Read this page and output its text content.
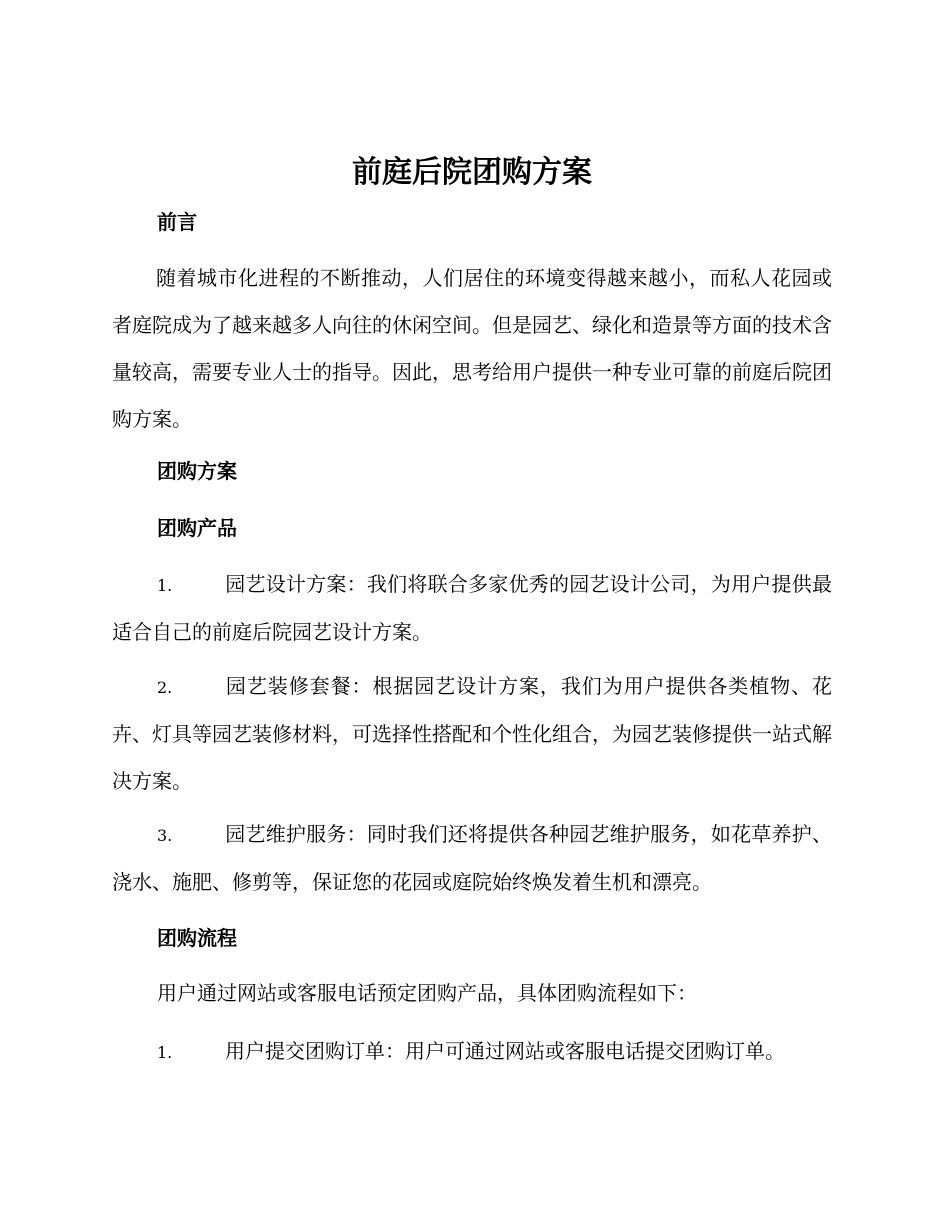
前庭后院团购方案
前言

随着城市化进程的不断推动，人们居住的环境变得越来越小，而私人花园或者庭院成为了越来越多人向往的休闲空间。但是园艺、绿化和造景等方面的技术含量较高，需要专业人士的指导。因此，思考给用户提供一种专业可靠的前庭后院团购方案。

团购方案
团购产品

1.	园艺设计方案：我们将联合多家优秀的园艺设计公司，为用户提供最适合自己的前庭后院园艺设计方案。

2.	园艺装修套餐：根据园艺设计方案，我们为用户提供各类植物、花卉、灯具等园艺装修材料，可选择性搭配和个性化组合，为园艺装修提供一站式解决方案。

3.	园艺维护服务：同时我们还将提供各种园艺维护服务，如花草养护、浇水、施肥、修剪等，保证您的花园或庭院始终焕发着生机和漂亮。

团购流程

用户通过网站或客服电话预定团购产品，具体团购流程如下：

1.	用户提交团购订单：用户可通过网站或客服电话提交团购订单。
